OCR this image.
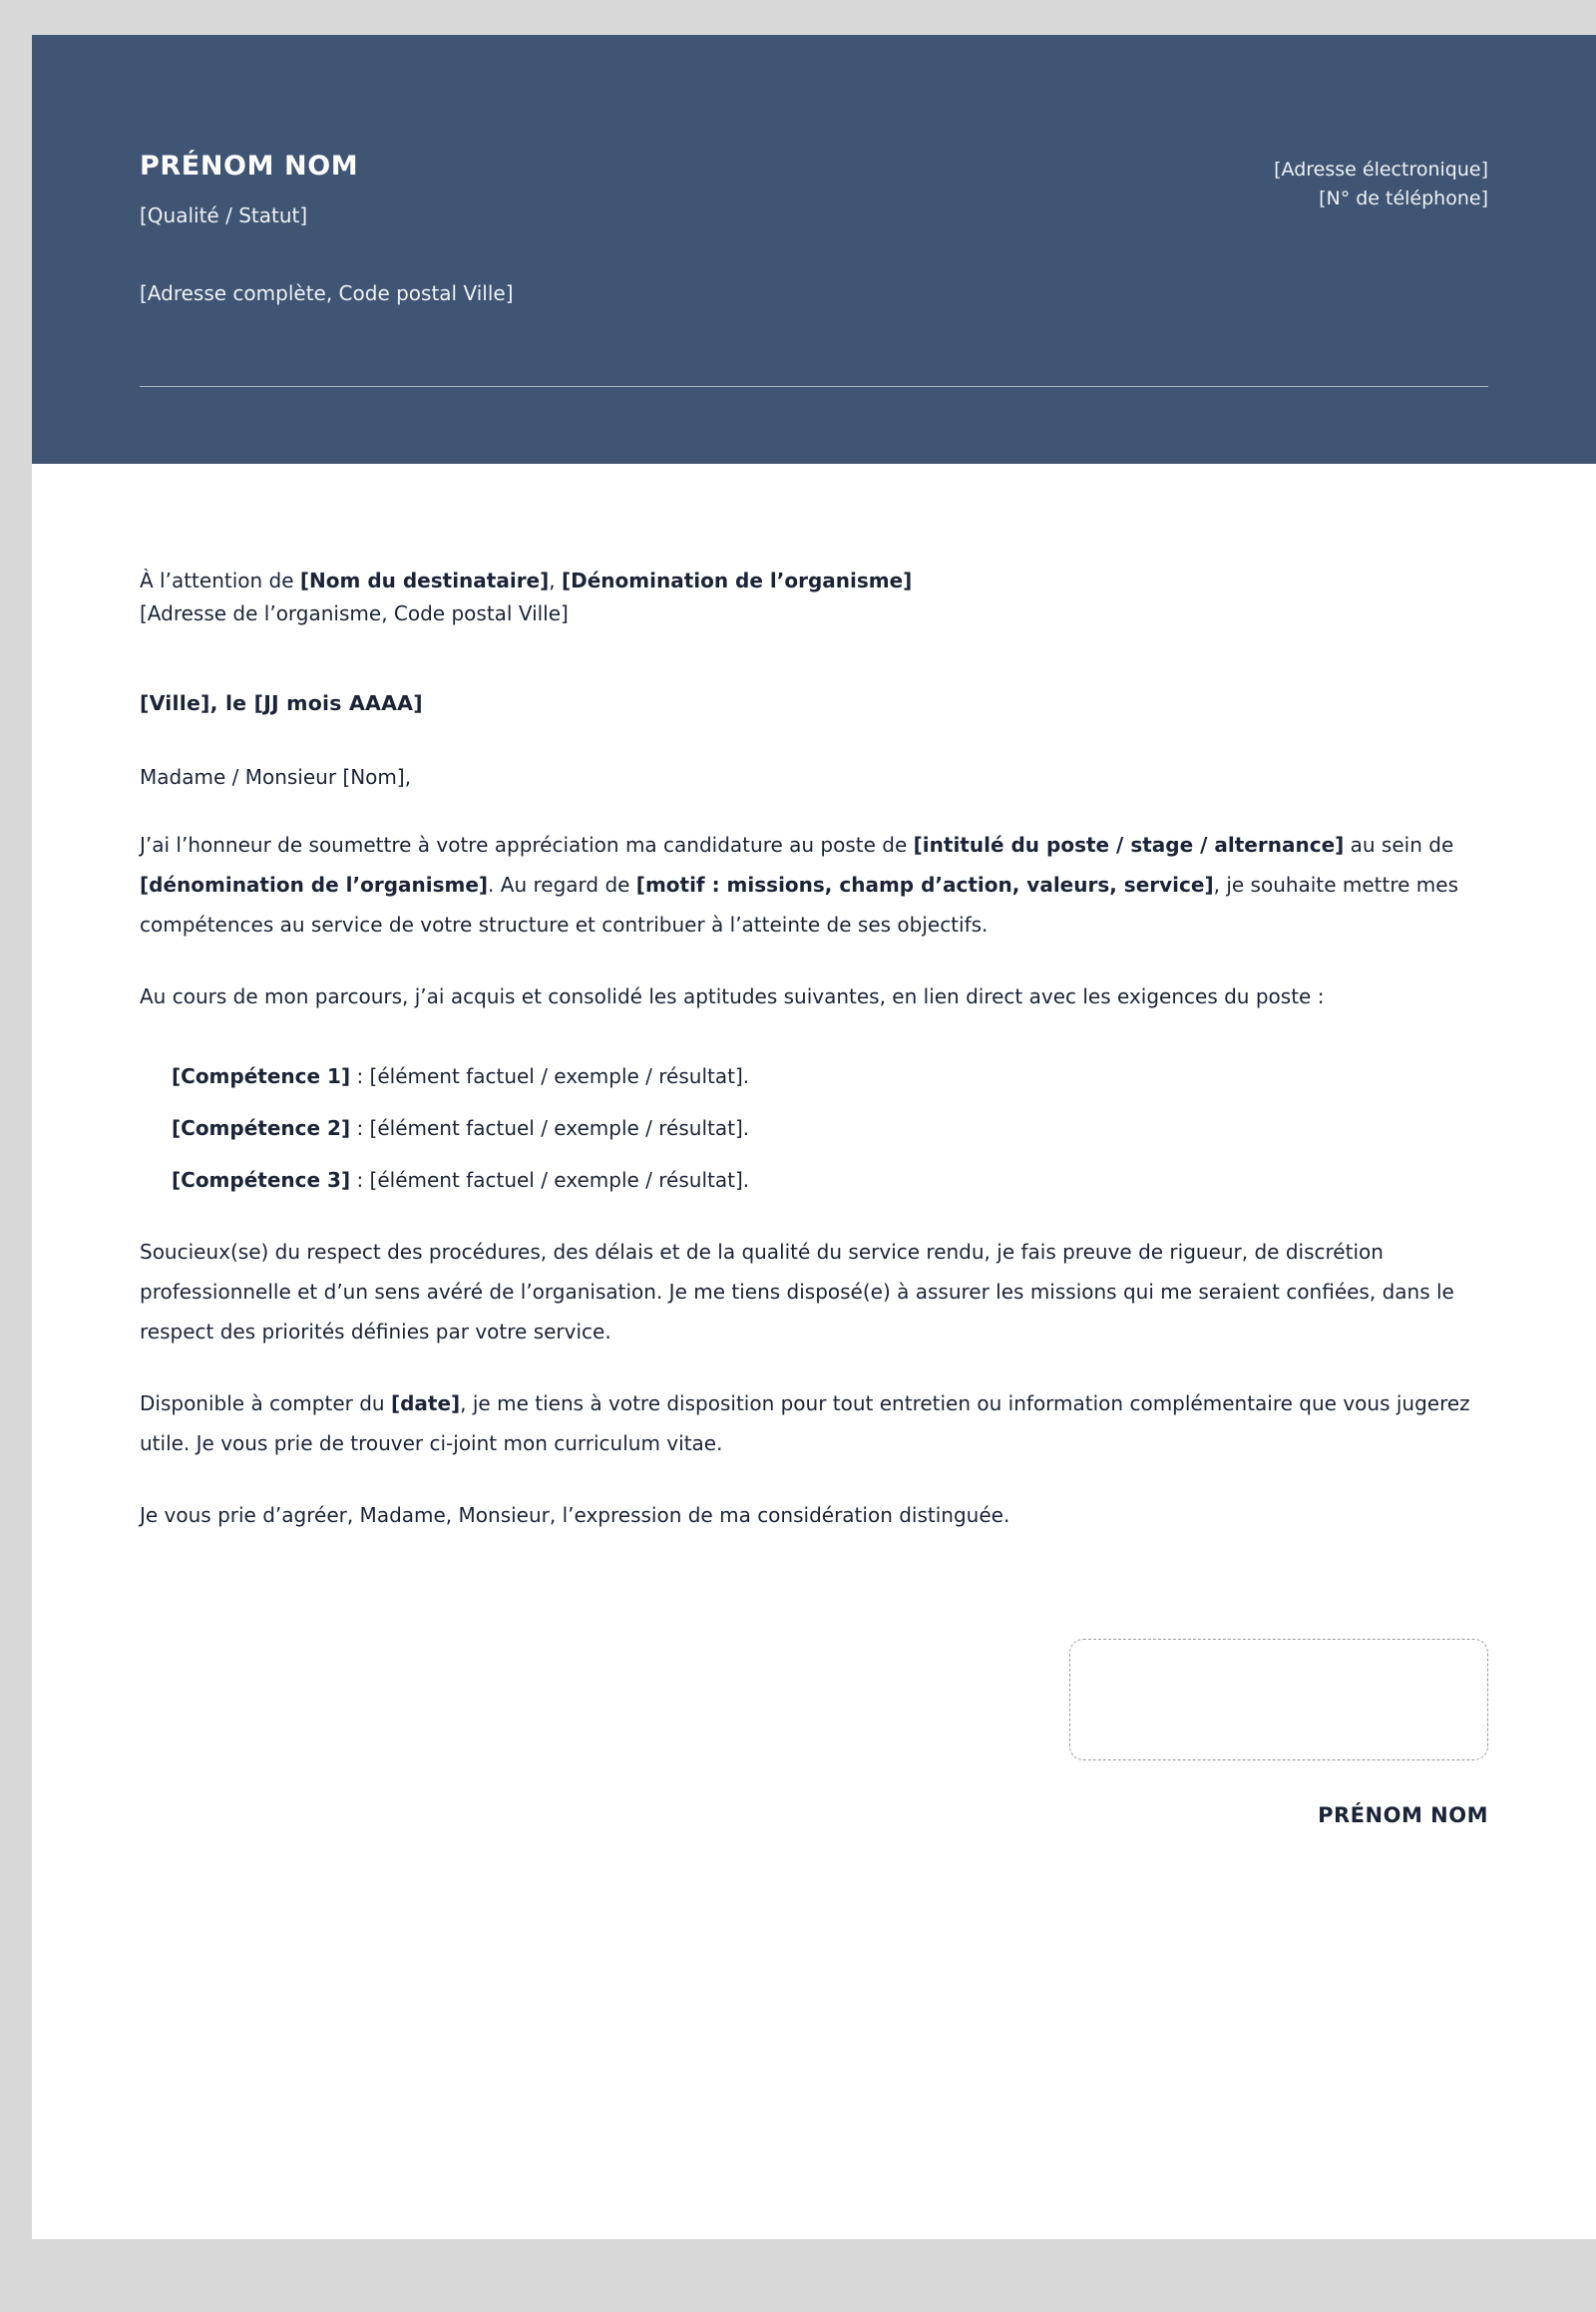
PRÉNOM NOM
[Qualité / Statut]
[Adresse électronique]
[N° de téléphone]
[Adresse complète, Code postal Ville]
À l’attention de [Nom du destinataire], [Dénomination de l’organisme]
[Adresse de l’organisme, Code postal Ville]
[Ville], le [JJ mois AAAA]
Madame / Monsieur [Nom],

J’ai l’honneur de soumettre à votre appréciation ma candidature au poste de [intitulé du poste / stage / alternance] au sein de [dénomination de l’organisme]. Au regard de [motif : missions, champ d’action, valeurs, service], je souhaite mettre mes compétences au service de votre structure et contribuer à l’atteinte de ses objectifs.

Au cours de mon parcours, j’ai acquis et consolidé les aptitudes suivantes, en lien direct avec les exigences du poste :

[Compétence 1] : [élément factuel / exemple / résultat].
[Compétence 2] : [élément factuel / exemple / résultat].
[Compétence 3] : [élément factuel / exemple / résultat].

Soucieux(se) du respect des procédures, des délais et de la qualité du service rendu, je fais preuve de rigueur, de discrétion professionnelle et d’un sens avéré de l’organisation. Je me tiens disposé(e) à assurer les missions qui me seraient confiées, dans le respect des priorités définies par votre service.

Disponible à compter du [date], je me tiens à votre disposition pour tout entretien ou information complémentaire que vous jugerez utile. Je vous prie de trouver ci-joint mon curriculum vitae.

Je vous prie d’agréer, Madame, Monsieur, l’expression de ma considération distinguée.

PRÉNOM NOM
